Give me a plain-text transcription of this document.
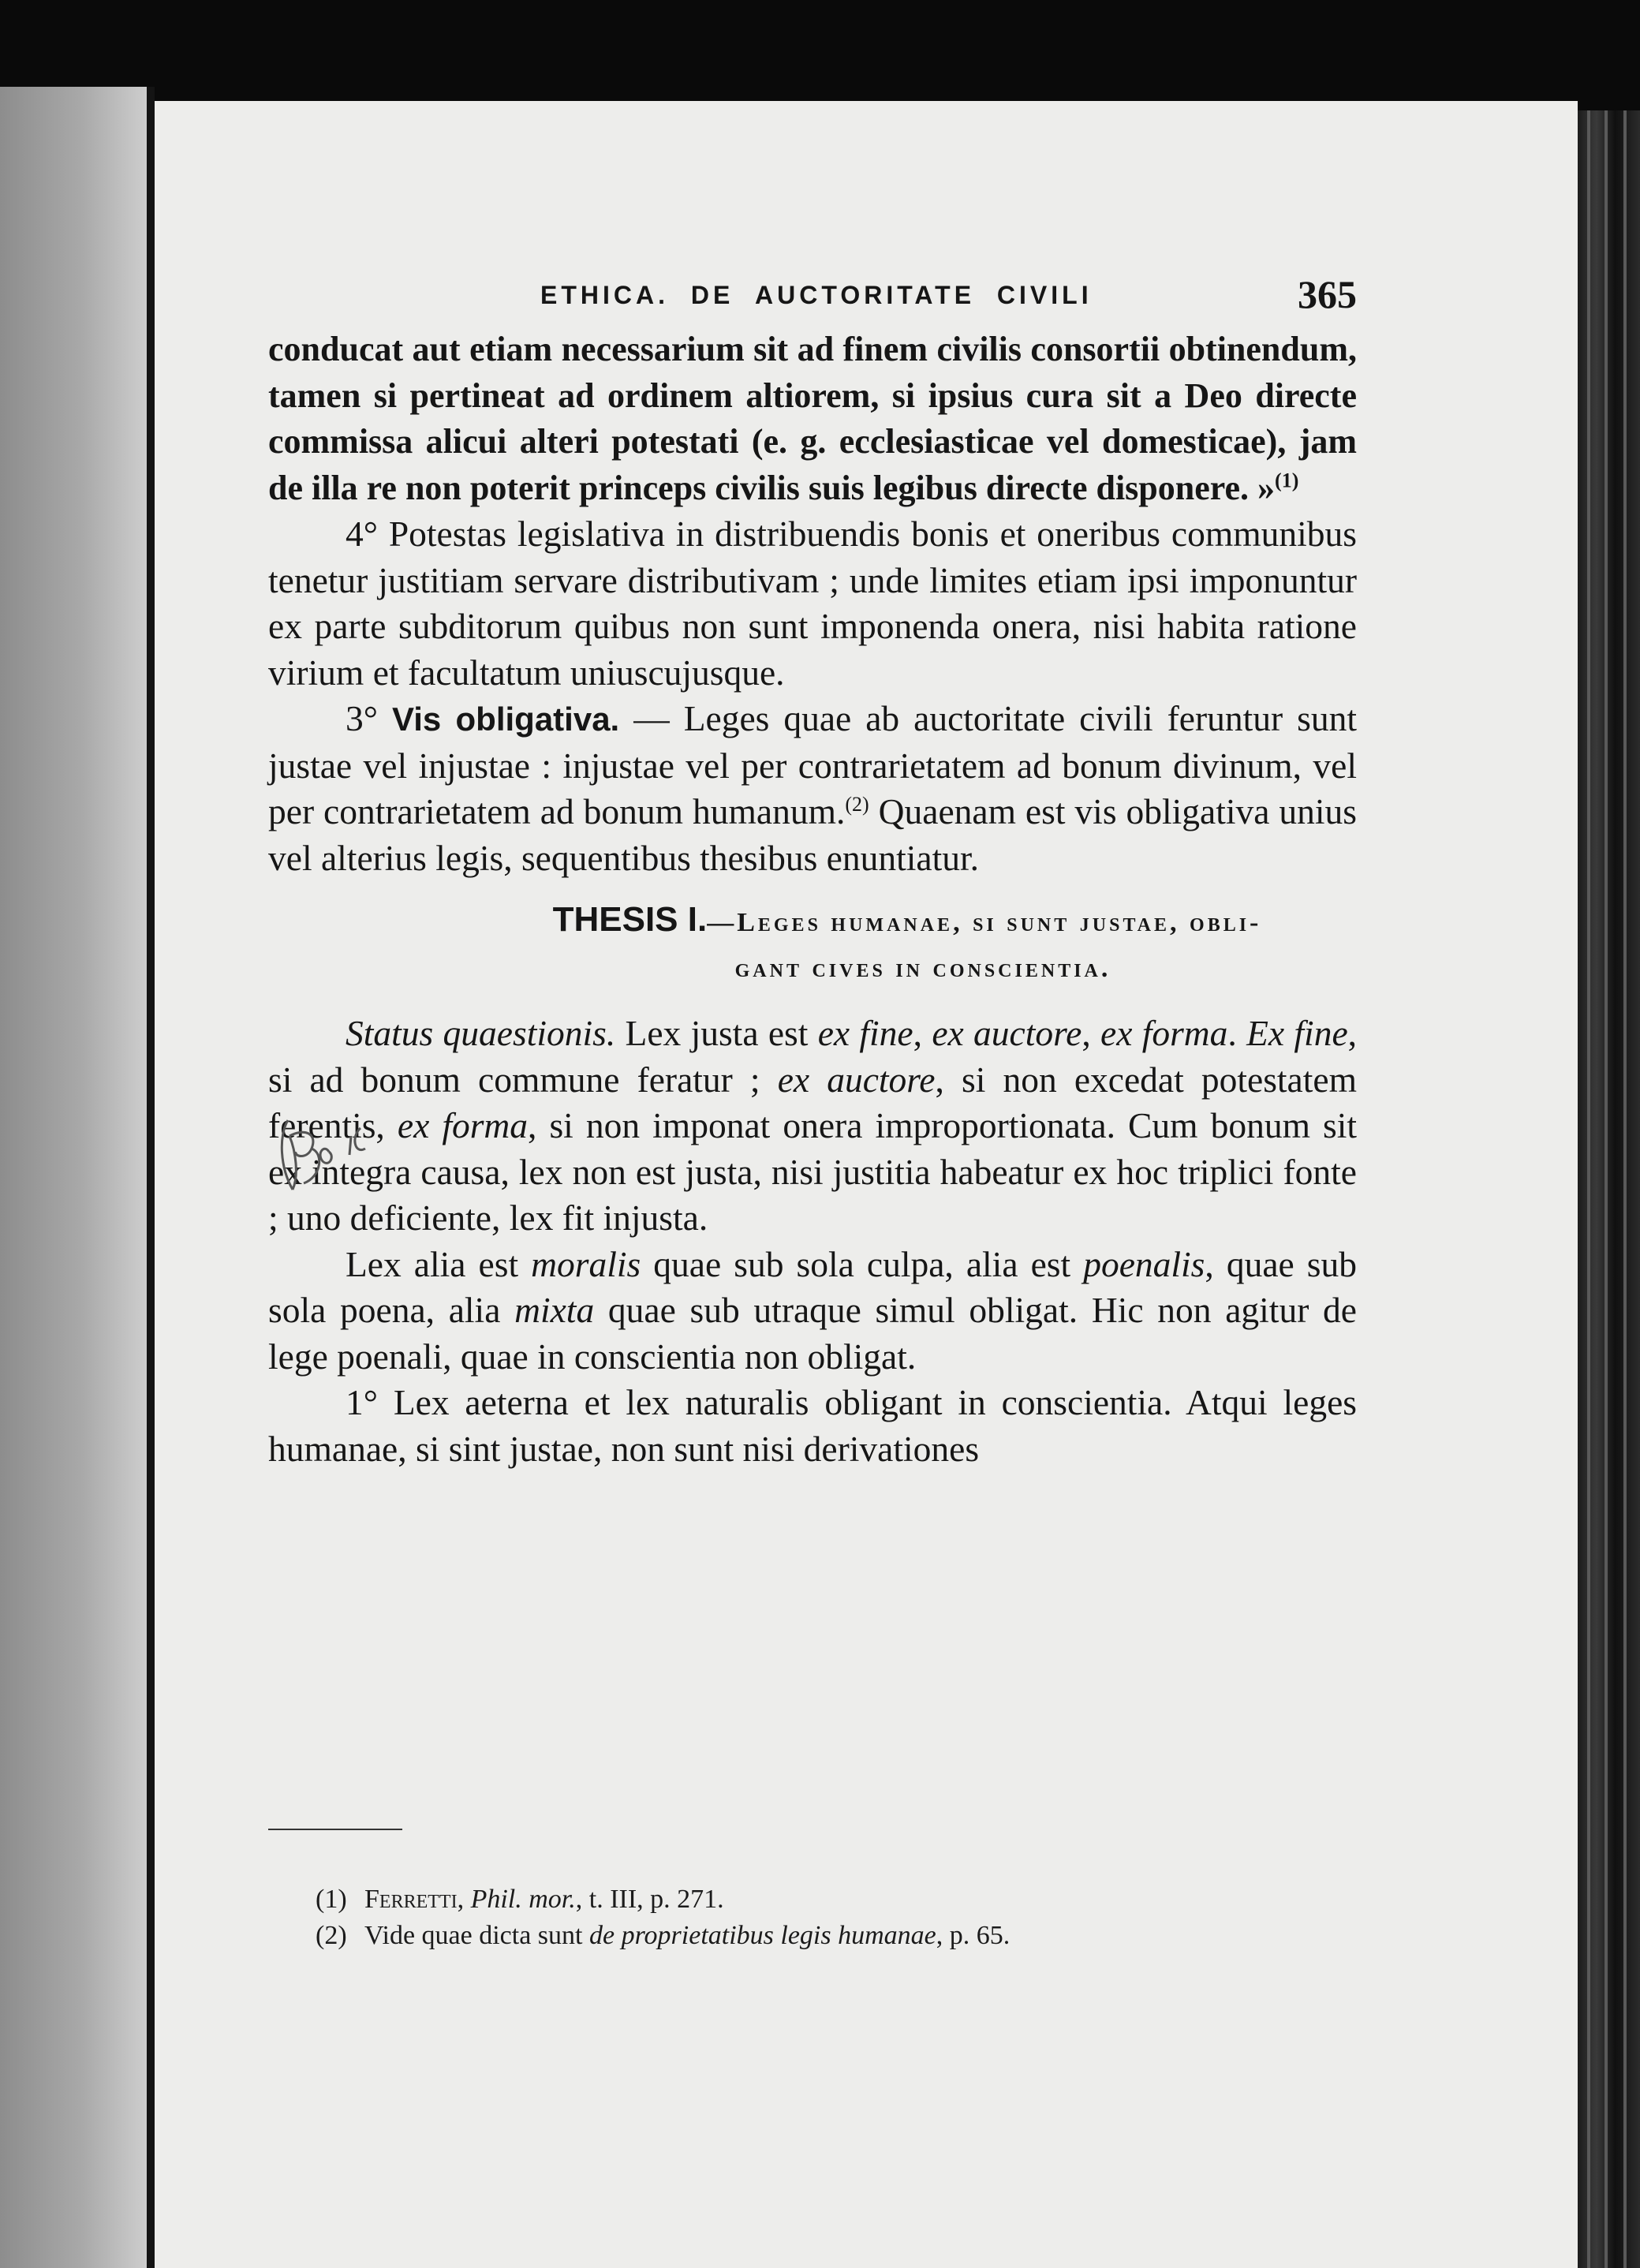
ETHICA. DE AUCTORITATE CIVILI	365

conducat aut etiam necessarium sit ad finem civilis consortii obtinendum, tamen si pertineat ad ordinem altiorem, si ipsius cura sit a Deo directe commissa alicui alteri potestati (e. g. ecclesiasticae vel domesticae), jam de illa re non poterit princeps civilis suis legibus directe disponere. »$^{(1)}$

4° Potestas legislativa in distribuendis bonis et oneribus communibus tenetur justitiam servare distributivam ; unde limites etiam ipsi imponuntur ex parte subditorum quibus non sunt imponenda onera, nisi habita ratione virium et facultatum uniuscujusque.

3° Vis obligativa. — Leges quae ab auctoritate civili feruntur sunt justae vel injustae : injustae vel per contrarietatem ad bonum divinum, vel per contrarietatem ad bonum humanum.$^{(2)}$ Quaenam est vis obligativa unius vel alterius legis, sequentibus thesibus enuntiatur.

THESIS I.—Leges humanae, si sunt justae, obli-
gant cives in conscientia.

Status quaestionis. Lex justa est ex fine, ex auctore, ex forma. Ex fine, si ad bonum commune feratur ; ex auctore, si non excedat potestatem ferentis, ex forma, si non imponat onera improportionata. Cum bonum sit ex integra causa, lex non est justa, nisi justitia habeatur ex hoc triplici fonte ; uno deficiente, lex fit injusta.

Lex alia est moralis quae sub sola culpa, alia est poenalis, quae sub sola poena, alia mixta quae sub utraque simul obligat. Hic non agitur de lege poenali, quae in conscientia non obligat.

1° Lex aeterna et lex naturalis obligant in conscientia. Atqui leges humanae, si sint justae, non sunt nisi derivationes

(1) Ferretti, Phil. mor., t. III, p. 271.
(2) Vide quae dicta sunt de proprietatibus legis humanae, p. 65.
